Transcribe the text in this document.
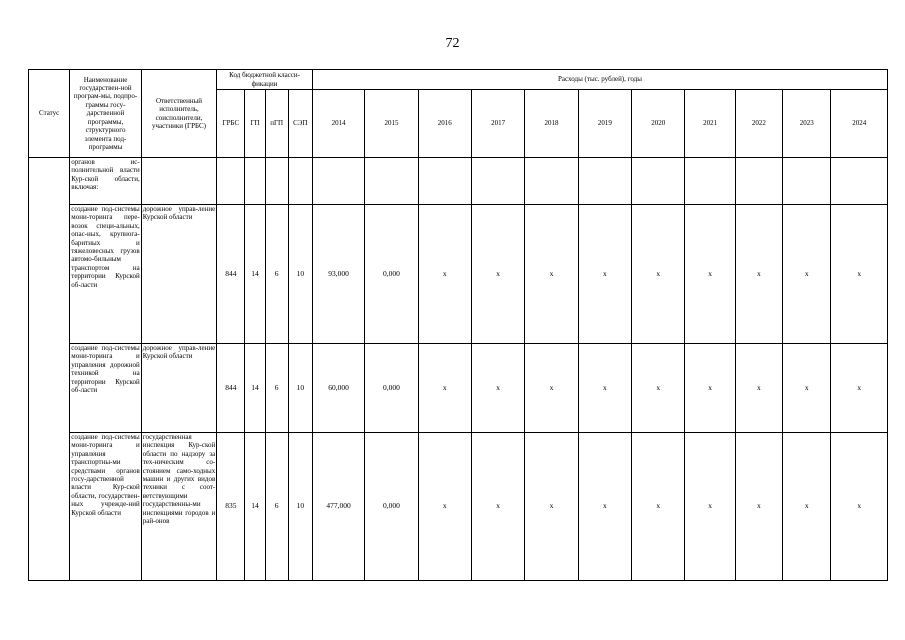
72
Статус	Наименование государствен-ной програм-мы, подпро-граммы госу-дарственной программы, структурного элемента под-программы	Ответственный исполнитель, соисполнители, участники (ГРБС)	Код бюджетной класси-фикации				Расходы (тыс. рублей), годы										
			ГРБС	ГП	пГП	СЭП	2014	2015	2016	2017	2018	2019	2020	2021	2022	2023	2024
	органов ис-полнительной власти Кур-ской области, включая:																
	создание под-системы мони-торинга пере-возок специ-альных, опас-ных, крупнога-баритных и тяжеловесных грузов автомо-бильным транспортом на территории Курской об-ласти	дорожное управ-ление Курской области	844	14	6	10	93,000	0,000	x	x	x	x	x	x	x	x	x
	создание под-системы мони-торинга и управления дорожной техникой на территории Курской об-ласти	дорожное управ-ление Курской области	844	14	6	10	60,000	0,000	x	x	x	x	x	x	x	x	x
	создание под-системы мони-торинга и управления транспортны-ми средствами органов госу-дарственной власти Кур-ской области, государствен-ных учрежде-ний Курской области	государственная инспекция Кур-ской области по надзору за тех-ническим со-стоянием само-ходных машин и других видов техники с соот-ветствующими государственны-ми инспекциями городов и рай-онов	835	14	6	10	477,000	0,000	x	x	x	x	x	x	x	x	x
